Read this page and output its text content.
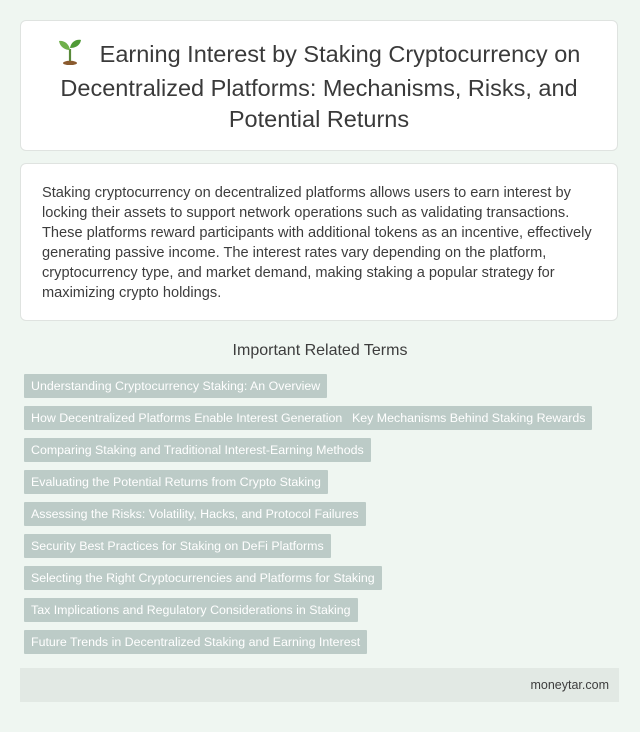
Earning Interest by Staking Cryptocurrency on Decentralized Platforms: Mechanisms, Risks, and Potential Returns

Staking cryptocurrency on decentralized platforms allows users to earn interest by locking their assets to support network operations such as validating transactions. These platforms reward participants with additional tokens as an incentive, effectively generating passive income. The interest rates vary depending on the platform, cryptocurrency type, and market demand, making staking a popular strategy for maximizing crypto holdings.

Important Related Terms
Understanding Cryptocurrency Staking: An Overview
How Decentralized Platforms Enable Interest Generation Key Mechanisms Behind Staking Rewards
Comparing Staking and Traditional Interest-Earning Methods
Evaluating the Potential Returns from Crypto Staking
Assessing the Risks: Volatility, Hacks, and Protocol Failures
Security Best Practices for Staking on DeFi Platforms
Selecting the Right Cryptocurrencies and Platforms for Staking
Tax Implications and Regulatory Considerations in Staking
Future Trends in Decentralized Staking and Earning Interest
moneytar.com
